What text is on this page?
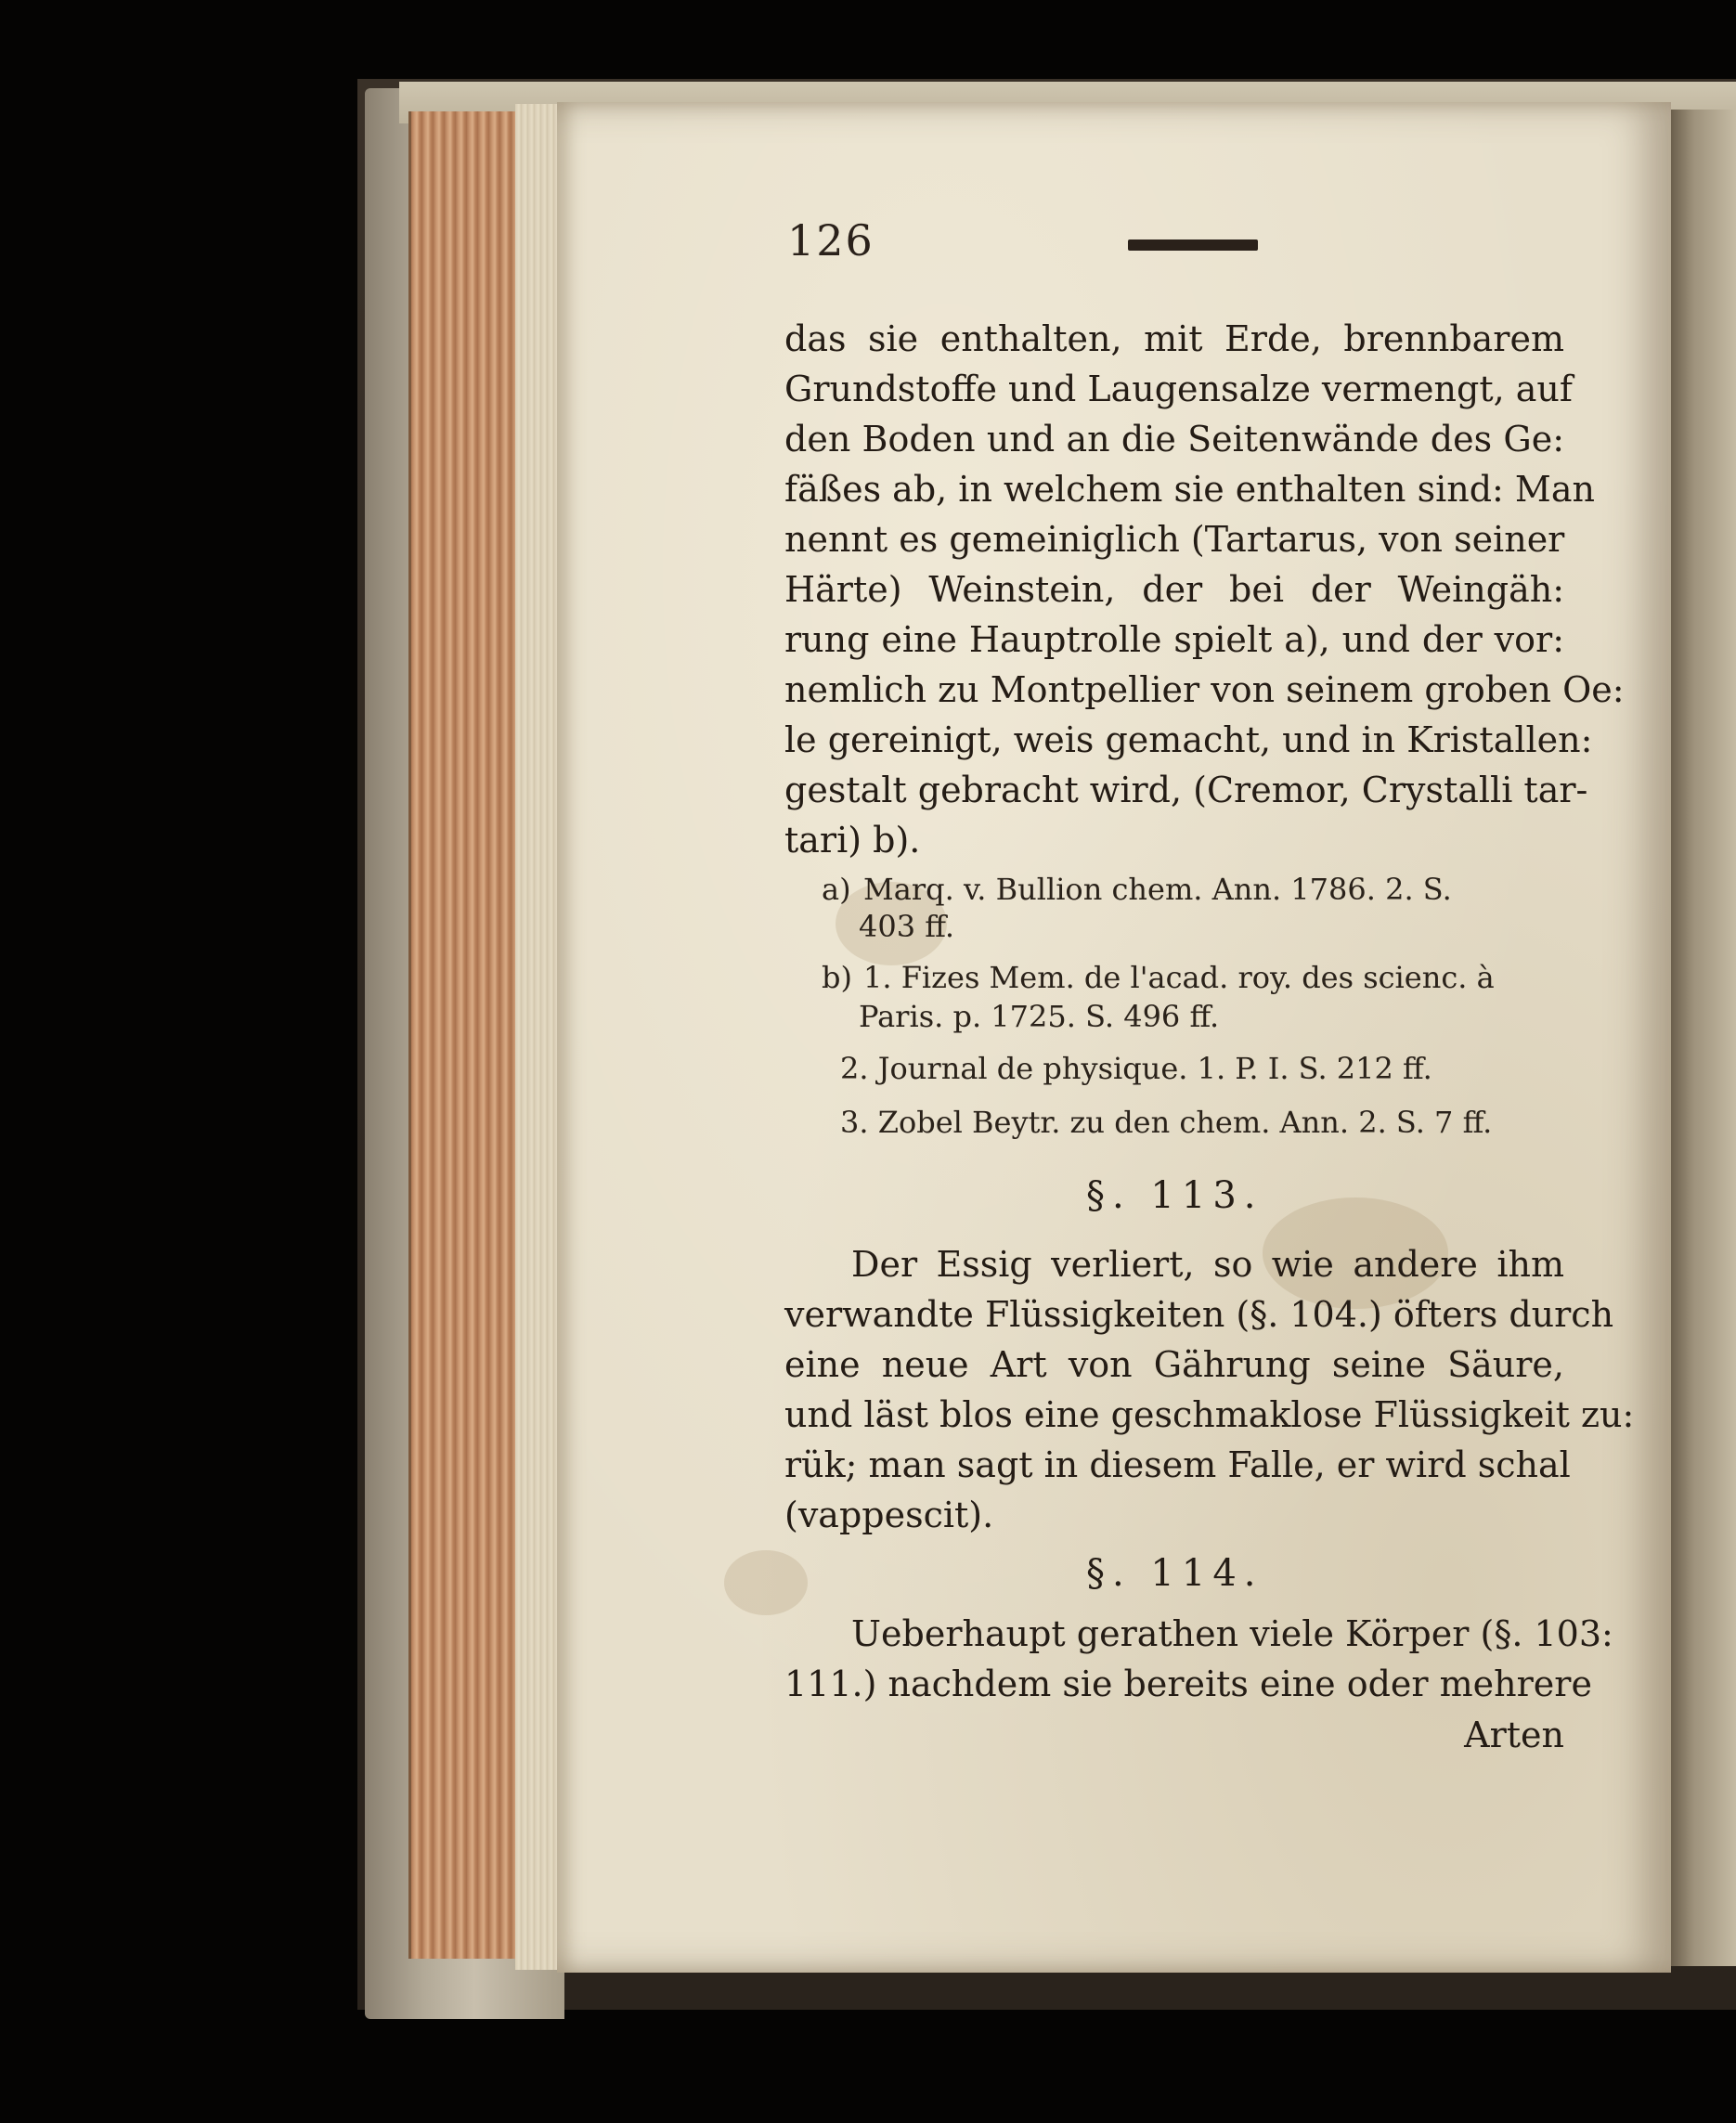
126
das sie enthalten, mit Erde, brennbarem
Grundstoffe und Laugensalze vermengt, auf
den Boden und an die Seitenwände des Ge:
fäßes ab, in welchem sie enthalten sind: Man
nennt es gemeiniglich (Tartarus, von seiner
Härte) Weinstein, der bei der Weingäh:
rung eine Hauptrolle spielt a), und der vor:
nemlich zu Montpellier von seinem groben Oe:
le gereinigt, weis gemacht, und in Kristallen:
gestalt gebracht wird, (Cremor, Crystalli tar-
tari) b).
a) Marq. v. Bullion chem. Ann. 1786. 2. S.
403 ff.
b) 1. Fizes Mem. de l'acad. roy. des scienc. à
Paris. p. 1725. S. 496 ff.
2. Journal de physique. 1. P. I. S. 212 ff.
3. Zobel Beytr. zu den chem. Ann. 2. S. 7 ff.
§. 113.
Der Essig verliert, so wie andere ihm
verwandte Flüssigkeiten (§. 104.) öfters durch
eine neue Art von Gährung seine Säure,
und läst blos eine geschmaklose Flüssigkeit zu:
rük; man sagt in diesem Falle, er wird schal
(vappescit).
§. 114.
Ueberhaupt gerathen viele Körper (§. 103:
111.) nachdem sie bereits eine oder mehrere
Arten
